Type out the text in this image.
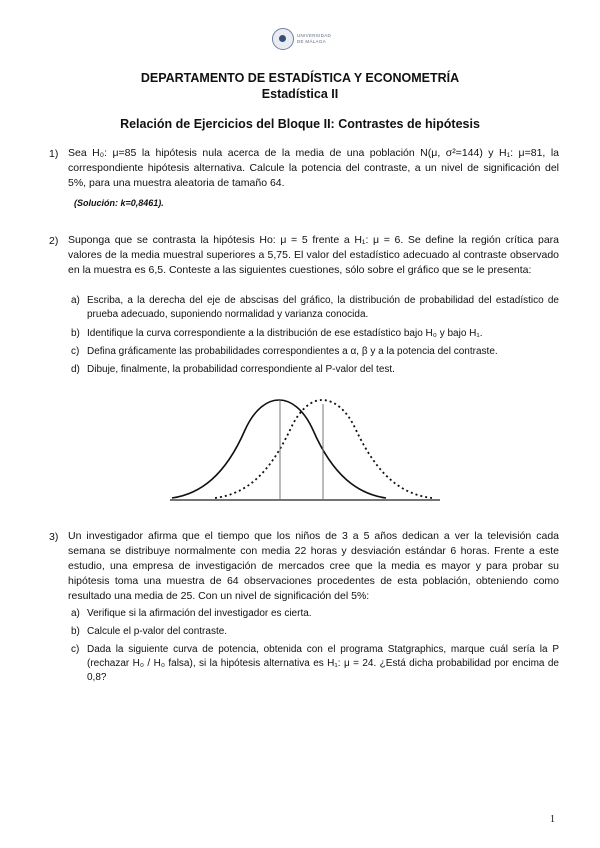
UNIVERSIDAD
DE MÁLAGA
DEPARTAMENTO DE ESTADÍSTICA Y ECONOMETRÍA
Estadística II
Relación de Ejercicios del Bloque II: Contrastes de hipótesis
1) Sea H₀: μ=85 la hipótesis nula acerca de la media de una población N(μ, σ²=144) y H₁: μ=81, la correspondiente hipótesis alternativa. Calcule la potencia del contraste, a un nivel de significación del 5%, para una muestra aleatoria de tamaño 64.

(Solución: k=0,8461).
2) Suponga que se contrasta la hipótesis Ho: μ = 5 frente a H₁: μ = 6. Se define la región crítica para valores de la media muestral superiores a 5,75. El valor del estadístico adecuado al contraste observado en la muestra es 6,5. Conteste a las siguientes cuestiones, sólo sobre el gráfico que se le presenta:

a) Escriba, a la derecha del eje de abscisas del gráfico, la distribución de probabilidad del estadístico de prueba adecuado, suponiendo normalidad y varianza conocida.

b) Identifique la curva correspondiente a la distribución de ese estadístico bajo H₀ y bajo H₁.

c) Defina gráficamente las probabilidades correspondientes a α, β y a la potencia del contraste.

d) Dibuje, finalmente, la probabilidad correspondiente al P-valor del test.

3) Un investigador afirma que el tiempo que los niños de 3 a 5 años dedican a ver la televisión cada semana se distribuye normalmente con media 22 horas y desviación estándar 6 horas. Frente a este estudio, una empresa de investigación de mercados cree que la media es mayor y para probar su hipótesis toma una muestra de 64 observaciones procedentes de esta población, obteniendo como resultado una media de 25. Con un nivel de significación del 5%:

a) Verifique si la afirmación del investigador es cierta.

b) Calcule el p-valor del contraste.

c) Dada la siguiente curva de potencia, obtenida con el programa Statgraphics, marque cuál sería la P (rechazar H₀ / H₀ falsa), si la hipótesis alternativa es H₁: μ = 24. ¿Está dicha probabilidad por encima de 0,8?

1
